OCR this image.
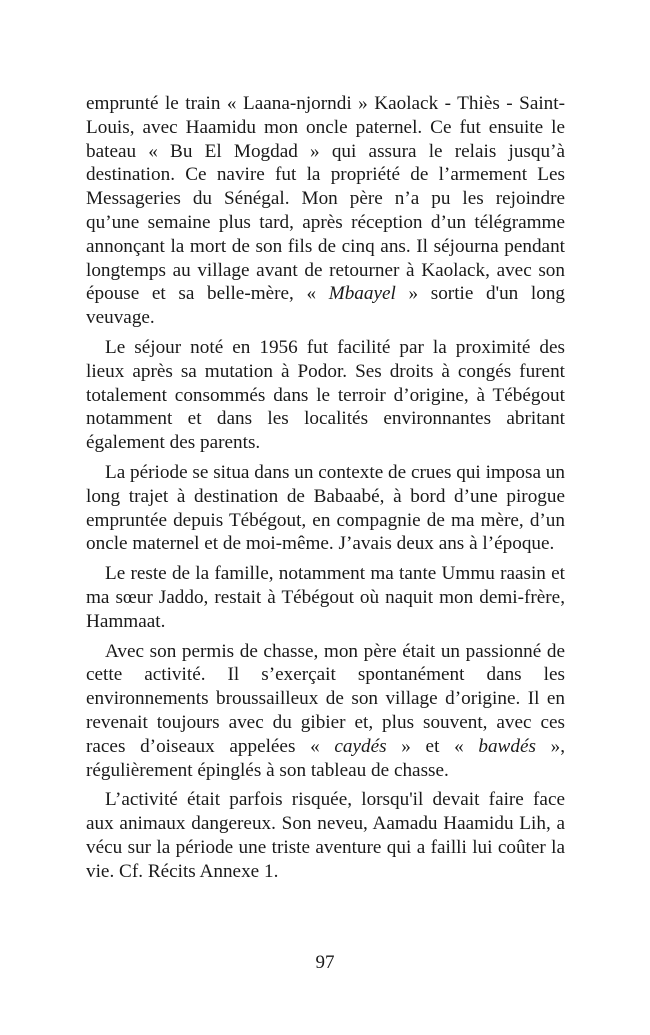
emprunté le train « Laana-njorndi » Kaolack - Thiès - Saint-Louis, avec Haamidu mon oncle paternel. Ce fut ensuite le bateau « Bu El Mogdad » qui assura le relais jusqu’à destination. Ce navire fut la propriété de l’armement Les Messageries du Sénégal. Mon père n’a pu les rejoindre qu’une semaine plus tard, après réception d’un télégramme annonçant la mort de son fils de cinq ans. Il séjourna pendant longtemps au village avant de retourner à Kaolack, avec son épouse et sa belle-mère, « Mbaayel » sortie d'un long veuvage.

Le séjour noté en 1956 fut facilité par la proximité des lieux après sa mutation à Podor. Ses droits à congés furent totalement consommés dans le terroir d’origine, à Tébégout notamment et dans les localités environnantes abritant également des parents.

La période se situa dans un contexte de crues qui imposa un long trajet à destination de Babaabé, à bord d’une pirogue empruntée depuis Tébégout, en compagnie de ma mère, d’un oncle maternel et de moi-même. J’avais deux ans à l’époque.

Le reste de la famille, notamment ma tante Ummu raasin et ma sœur Jaddo, restait à Tébégout où naquit mon demi-frère, Hammaat.

Avec son permis de chasse, mon père était un passionné de cette activité. Il s’exerçait spontanément dans les environnements broussailleux de son village d’origine. Il en revenait toujours avec du gibier et, plus souvent, avec ces races d’oiseaux appelées « caydés » et « bawdés », régulièrement épinglés à son tableau de chasse.

L’activité était parfois risquée, lorsqu'il devait faire face aux animaux dangereux. Son neveu, Aamadu Haamidu Lih, a vécu sur la période une triste aventure qui a failli lui coûter la vie. Cf. Récits Annexe 1.

97
